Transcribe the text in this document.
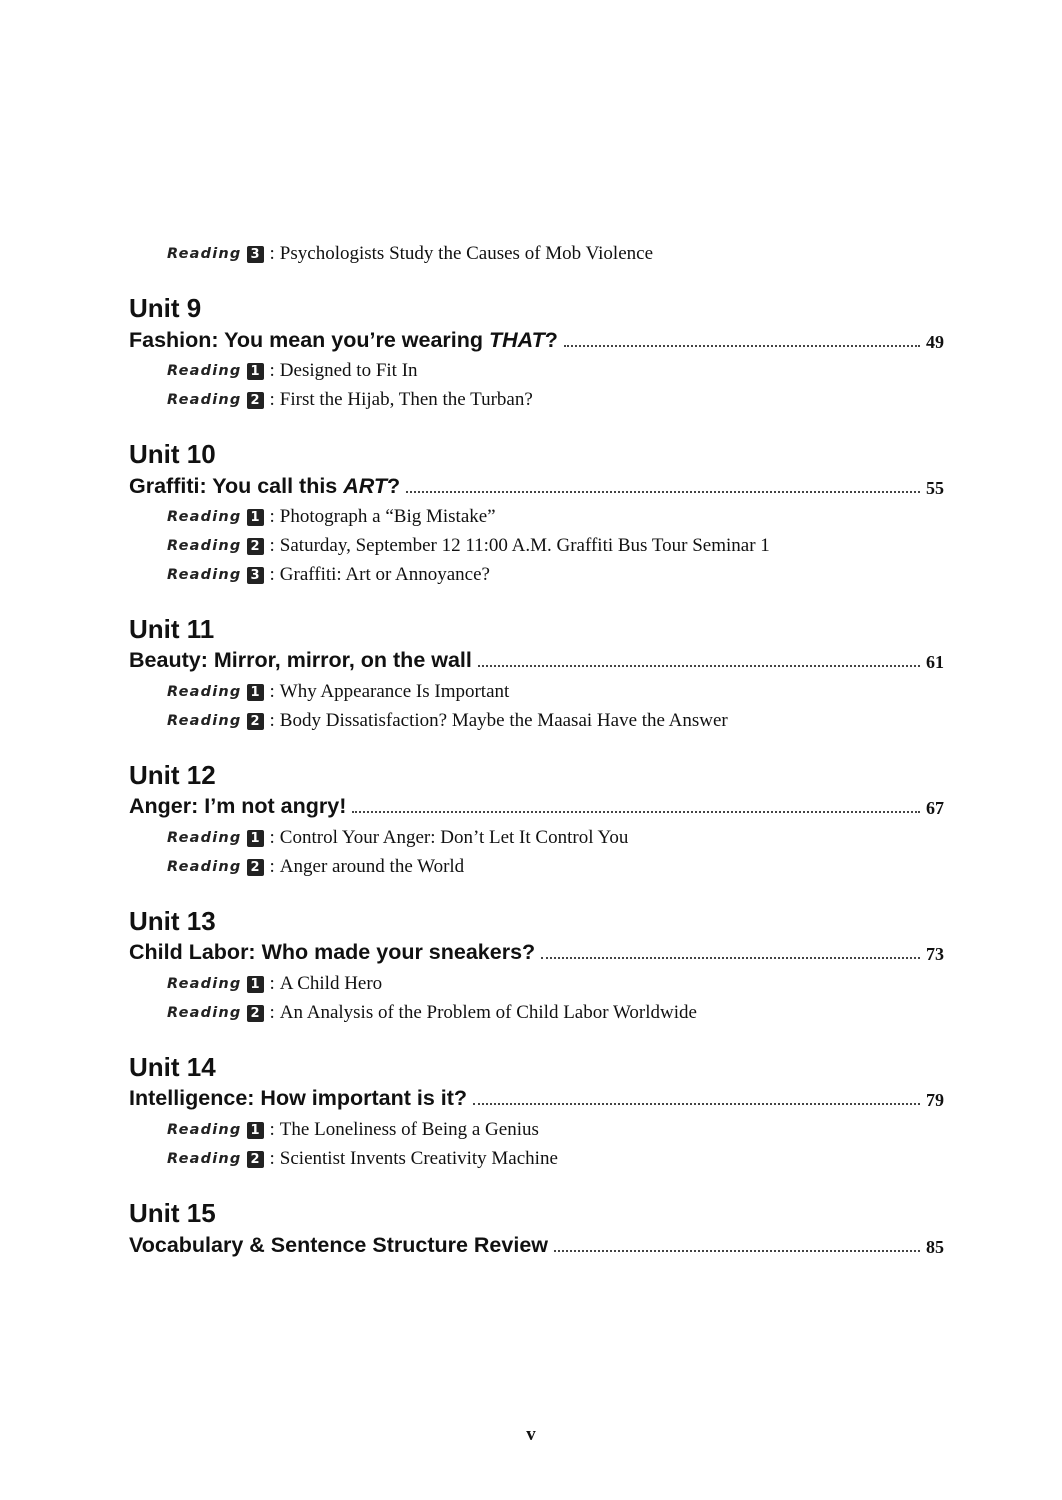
Reading 3 : Psychologists Study the Causes of Mob Violence
Unit 9
Fashion: You mean you’re wearing THAT?	49
Reading 1 : Designed to Fit In
Reading 2 : First the Hijab, Then the Turban?
Unit 10
Graffiti: You call this ART?	55
Reading 1 : Photograph a “Big Mistake”
Reading 2 : Saturday, September 12 11:00 A.M. Graffiti Bus Tour Seminar 1
Reading 3 : Graffiti: Art or Annoyance?
Unit 11
Beauty: Mirror, mirror, on the wall	61
Reading 1 : Why Appearance Is Important
Reading 2 : Body Dissatisfaction? Maybe the Maasai Have the Answer
Unit 12
Anger: I’m not angry!	67
Reading 1 : Control Your Anger: Don’t Let It Control You
Reading 2 : Anger around the World
Unit 13
Child Labor: Who made your sneakers?	73
Reading 1 : A Child Hero
Reading 2 : An Analysis of the Problem of Child Labor Worldwide
Unit 14
Intelligence: How important is it?	79
Reading 1 : The Loneliness of Being a Genius
Reading 2 : Scientist Invents Creativity Machine
Unit 15
Vocabulary & Sentence Structure Review	85
v
